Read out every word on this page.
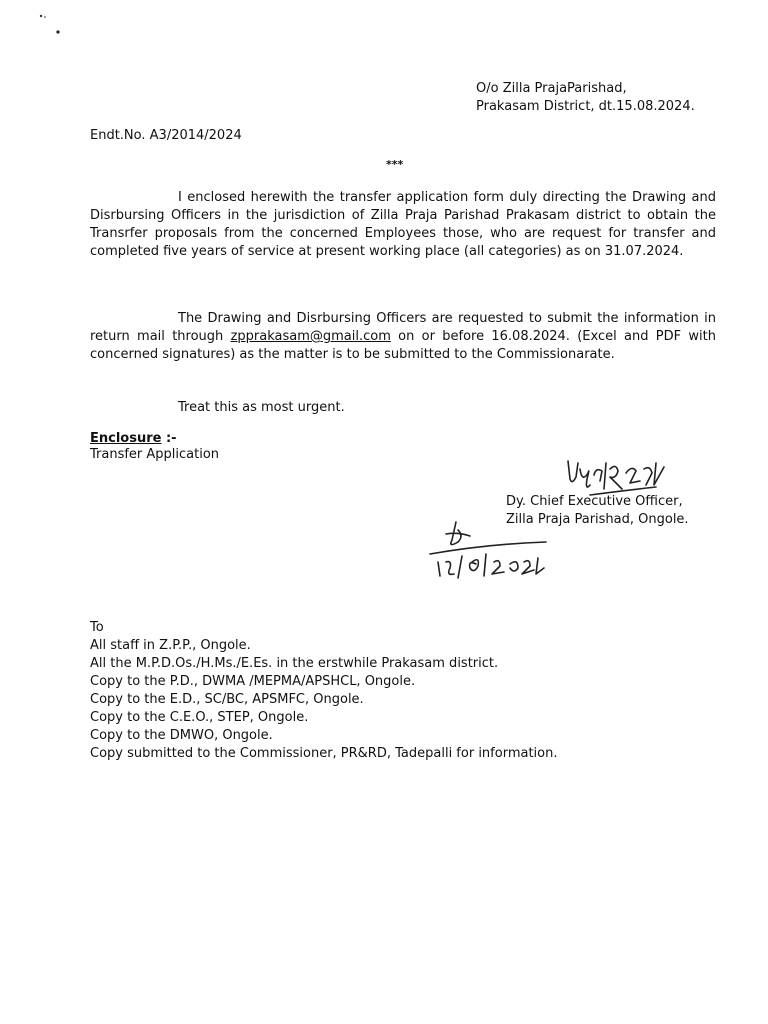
O/o Zilla PrajaParishad,
Prakasam District, dt.15.08.2024.
Endt.No. A3/2014/2024
***

I enclosed herewith the transfer application form duly directing the Drawing and Disrbursing Officers in the jurisdiction of Zilla Praja Parishad Prakasam district to obtain the Transrfer proposals from the concerned Employees those, who are request for transfer and completed five years of service at present working place (all categories) as on 31.07.2024.

The Drawing and Disrbursing Officers are requested to submit the information in return mail through zpprakasam@gmail.com on or before 16.08.2024. (Excel and PDF with concerned signatures) as the matter is to be submitted to the Commissionarate.

Treat this as most urgent.
Enclosure :-
Transfer Application
Dy. Chief Executive Officer,
Zilla Praja Parishad, Ongole.
To
All staff in Z.P.P., Ongole.
All the M.P.D.Os./H.Ms./E.Es. in the erstwhile Prakasam district.
Copy to the P.D., DWMA /MEPMA/APSHCL, Ongole.
Copy to the E.D., SC/BC, APSMFC, Ongole.
Copy to the C.E.O., STEP, Ongole.
Copy to the DMWO, Ongole.
Copy submitted to the Commissioner, PR&RD, Tadepalli for information.
